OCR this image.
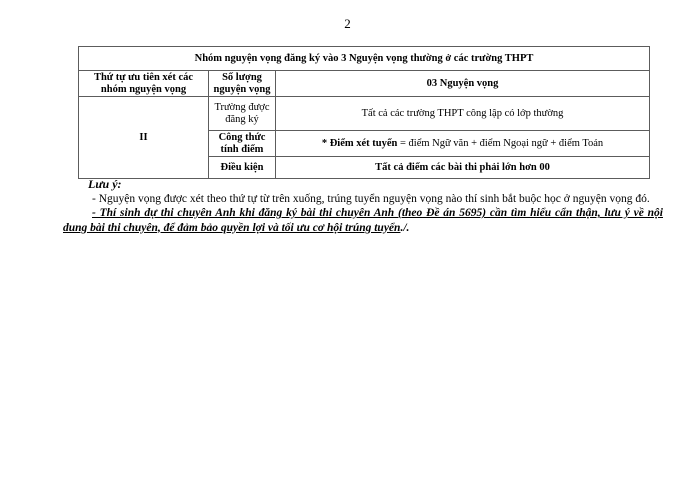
2
Nhóm nguyện vọng đăng ký vào 3 Nguyện vọng thường ở các trường THPT		
Thứ tự ưu tiên xét các nhóm nguyện vọng	Số lượng nguyện vọng	03 Nguyện vọng
II	Trường được đăng ký	Tất cả các trường THPT công lập có lớp thường
	Công thức tính điểm	* Điểm xét tuyển = điểm Ngữ văn + điểm Ngoại ngữ + điểm Toán
	Điều kiện	Tất cả điểm các bài thi phải lớn hơn 00

Lưu ý:

- Nguyện vọng được xét theo thứ tự từ trên xuống, trúng tuyển nguyện vọng nào thí sinh bắt buộc học ở nguyện vọng đó.

- Thí sinh dự thi chuyên Anh khi đăng ký bài thi chuyên Anh (theo Đề án 5695) cần tìm hiểu cẩn thận, lưu ý về nội dung bài thi chuyên, để đảm bảo quyền lợi và tối ưu cơ hội trúng tuyển./.
